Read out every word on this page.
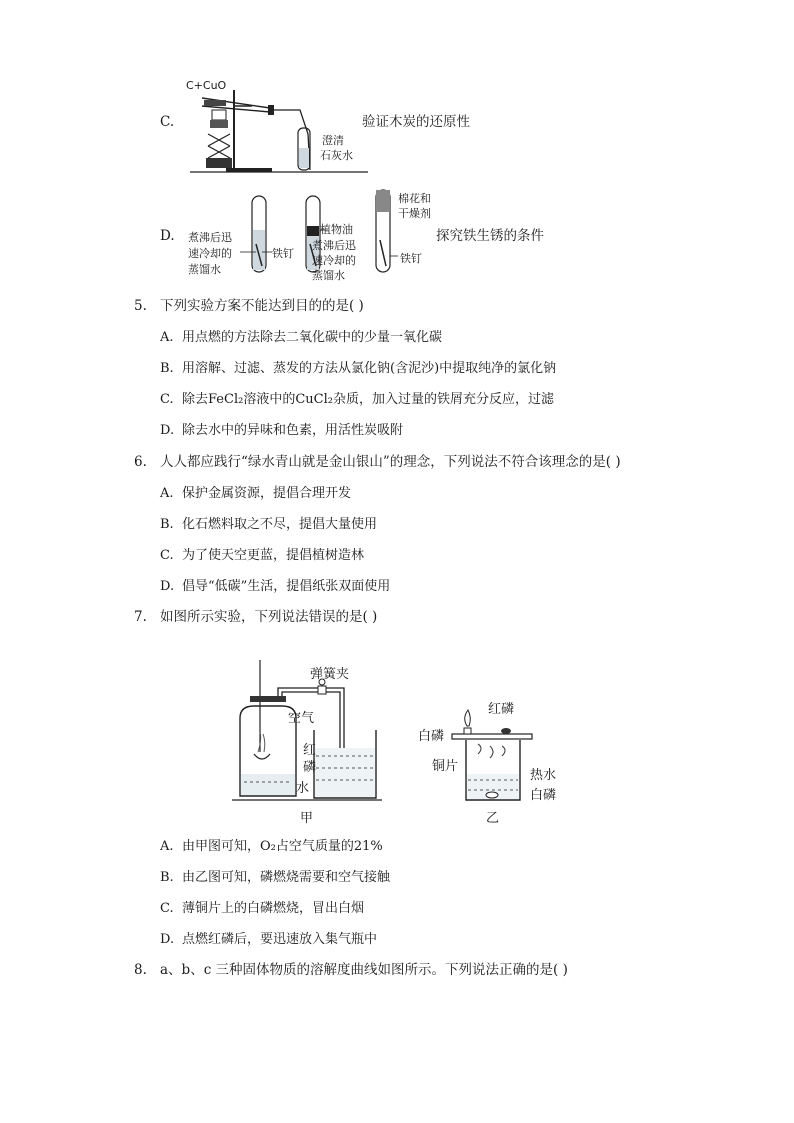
C.
C+CuO
澄清
石灰水
验证木炭的还原性
D. 煮沸后迅
速冷却的
蒸馏水
铁钉
植物油
煮沸后迅
速冷却的
蒸馏水
棉花和
干燥剂
铁钉
探究铁生锈的条件
5. 下列实验方案不能达到目的的是( )
A. 用点燃的方法除去二氧化碳中的少量一氧化碳
B. 用溶解、过滤、蒸发的方法从氯化钠(含泥沙)中提取纯净的氯化钠
C. 除去FeCl₂溶液中的CuCl₂杂质，加入过量的铁屑充分反应，过滤
D. 除去水中的异味和色素，用活性炭吸附
6. 人人都应践行“绿水青山就是金山银山”的理念，下列说法不符合该理念的是( )
A. 保护金属资源，提倡合理开发
B. 化石燃料取之不尽，提倡大量使用
C. 为了使天空更蓝，提倡植树造林
D. 倡导“低碳”生活，提倡纸张双面使用
7. 如图所示实验，下列说法错误的是( )
弹簧夹
空气
红
磷
水
甲
红磷
白磷
铜片
热水
白磷
乙
A. 由甲图可知，O₂占空气质量的21%
B. 由乙图可知，磷燃烧需要和空气接触
C. 薄铜片上的白磷燃烧，冒出白烟
D. 点燃红磷后，要迅速放入集气瓶中
8. a、b、c 三种固体物质的溶解度曲线如图所示。下列说法正确的是( )
